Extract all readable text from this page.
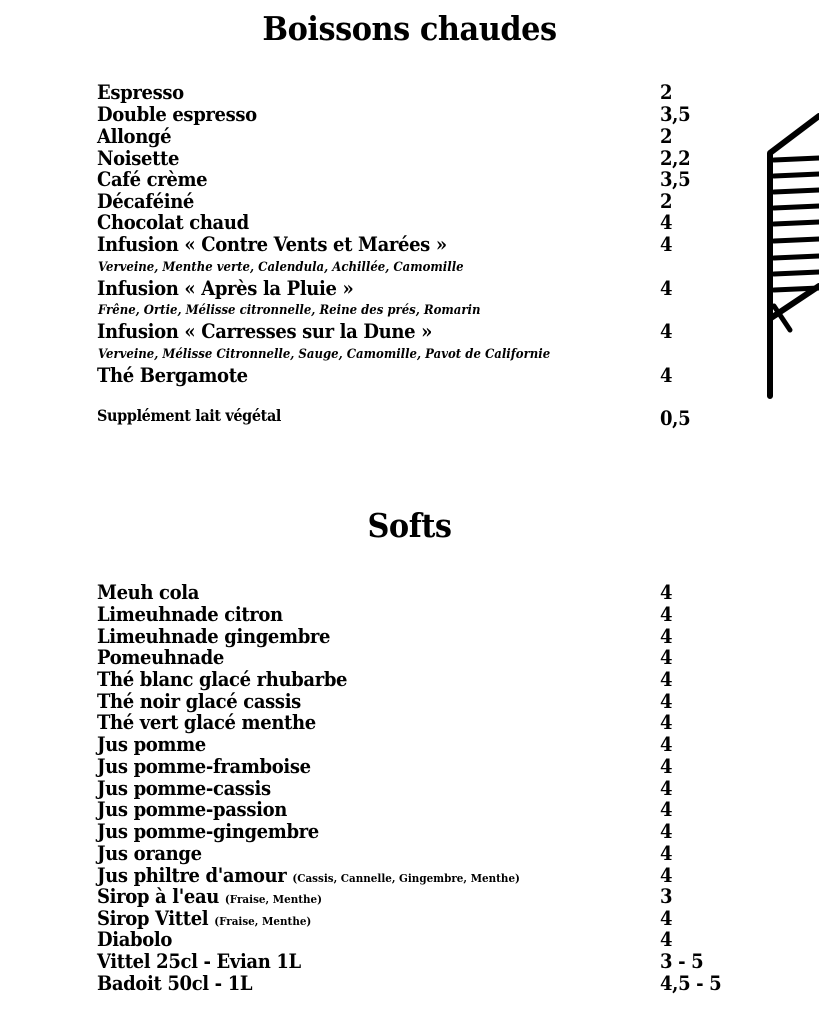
Boissons chaudes
Espresso	2
Double espresso	3,5
Allongé	2
Noisette	2,2
Café crème	3,5
Décaféiné	2
Chocolat chaud	4
Infusion « Contre Vents et Marées »	4
Verveine, Menthe verte, Calendula, Achillée, Camomille
Infusion « Après la Pluie »	4
Frêne, Ortie, Mélisse citronnelle, Reine des prés, Romarin
Infusion « Carresses sur la Dune »	4
Verveine, Mélisse Citronnelle, Sauge, Camomille, Pavot de Californie
Thé Bergamote	4
Supplément lait végétal	0,5
Softs
Meuh cola	4
Limeuhnade citron	4
Limeuhnade gingembre	4
Pomeuhnade	4
Thé blanc glacé rhubarbe	4
Thé noir glacé cassis	4
Thé vert glacé menthe	4
Jus pomme	4
Jus pomme-framboise	4
Jus pomme-cassis	4
Jus pomme-passion	4
Jus pomme-gingembre	4
Jus orange	4
Jus philtre d'amour (Cassis, Cannelle, Gingembre, Menthe)	4
Sirop à l'eau (Fraise, Menthe)	3
Sirop Vittel (Fraise, Menthe)	4
Diabolo	4
Vittel 25cl - Evian 1L	3 - 5
Badoit 50cl - 1L	4,5 - 5
